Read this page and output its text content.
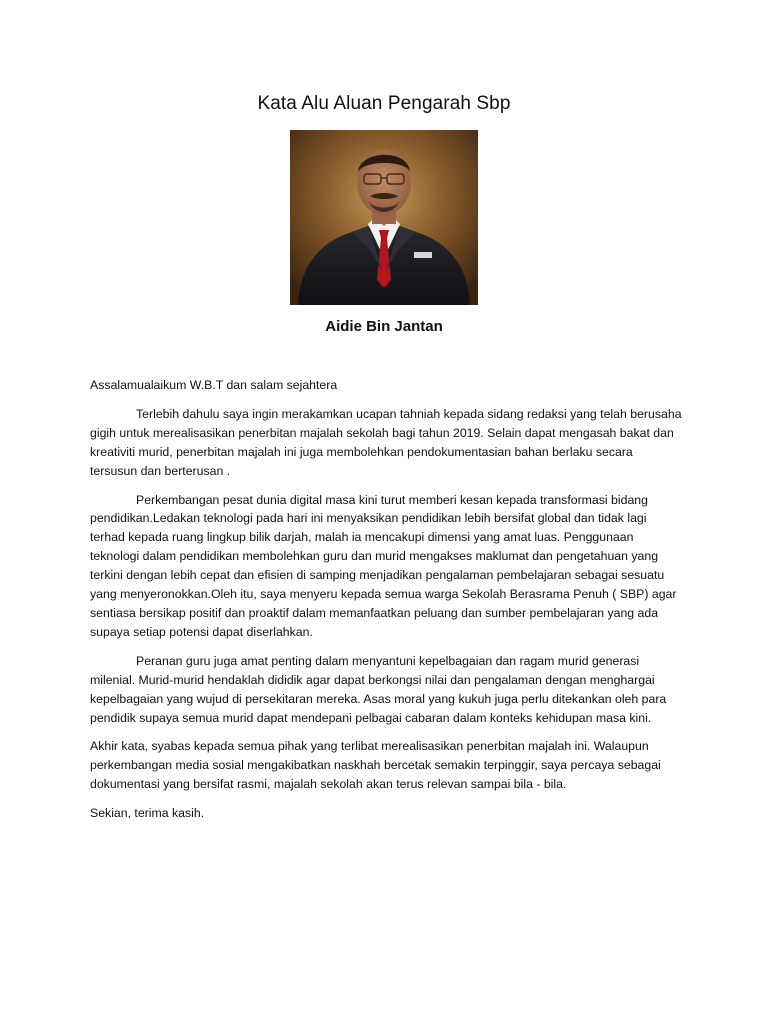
Kata Alu Aluan Pengarah Sbp
Aidie Bin Jantan

Assalamualaikum W.B.T dan salam sejahtera

Terlebih dahulu saya ingin merakamkan ucapan tahniah kepada sidang redaksi yang telah berusaha gigih untuk merealisasikan penerbitan majalah sekolah bagi tahun 2019. Selain dapat mengasah bakat dan kreativiti murid, penerbitan majalah ini juga membolehkan pendokumentasian bahan berlaku secara tersusun dan berterusan .

Perkembangan pesat dunia digital masa kini turut memberi kesan kepada transformasi bidang pendidikan.Ledakan teknologi pada hari ini menyaksikan pendidikan lebih bersifat global dan tidak lagi terhad kepada ruang lingkup bilik darjah, malah ia mencakupi dimensi yang amat luas. Penggunaan teknologi dalam pendidikan membolehkan guru dan murid mengakses maklumat dan pengetahuan yang terkini dengan lebih cepat dan efisien di samping menjadikan pengalaman pembelajaran sebagai sesuatu yang menyeronokkan.Oleh itu, saya menyeru kepada semua warga Sekolah Berasrama Penuh ( SBP) agar sentiasa bersikap positif dan proaktif dalam memanfaatkan peluang dan sumber pembelajaran yang ada supaya setiap potensi dapat diserlahkan.

Peranan guru juga amat penting dalam menyantuni kepelbagaian dan ragam murid generasi milenial. Murid-murid hendaklah dididik agar dapat berkongsi nilai dan pengalaman dengan menghargai kepelbagaian yang wujud di persekitaran mereka. Asas moral yang kukuh juga perlu ditekankan oleh para pendidik supaya semua murid dapat mendepani pelbagai cabaran dalam konteks kehidupan masa kini.

Akhir kata, syabas kepada semua pihak yang terlibat merealisasikan penerbitan majalah ini. Walaupun perkembangan media sosial mengakibatkan naskhah bercetak semakin terpinggir, saya percaya sebagai dokumentasi yang bersifat rasmi, majalah sekolah akan terus relevan sampai bila - bila.

Sekian, terima kasih.
